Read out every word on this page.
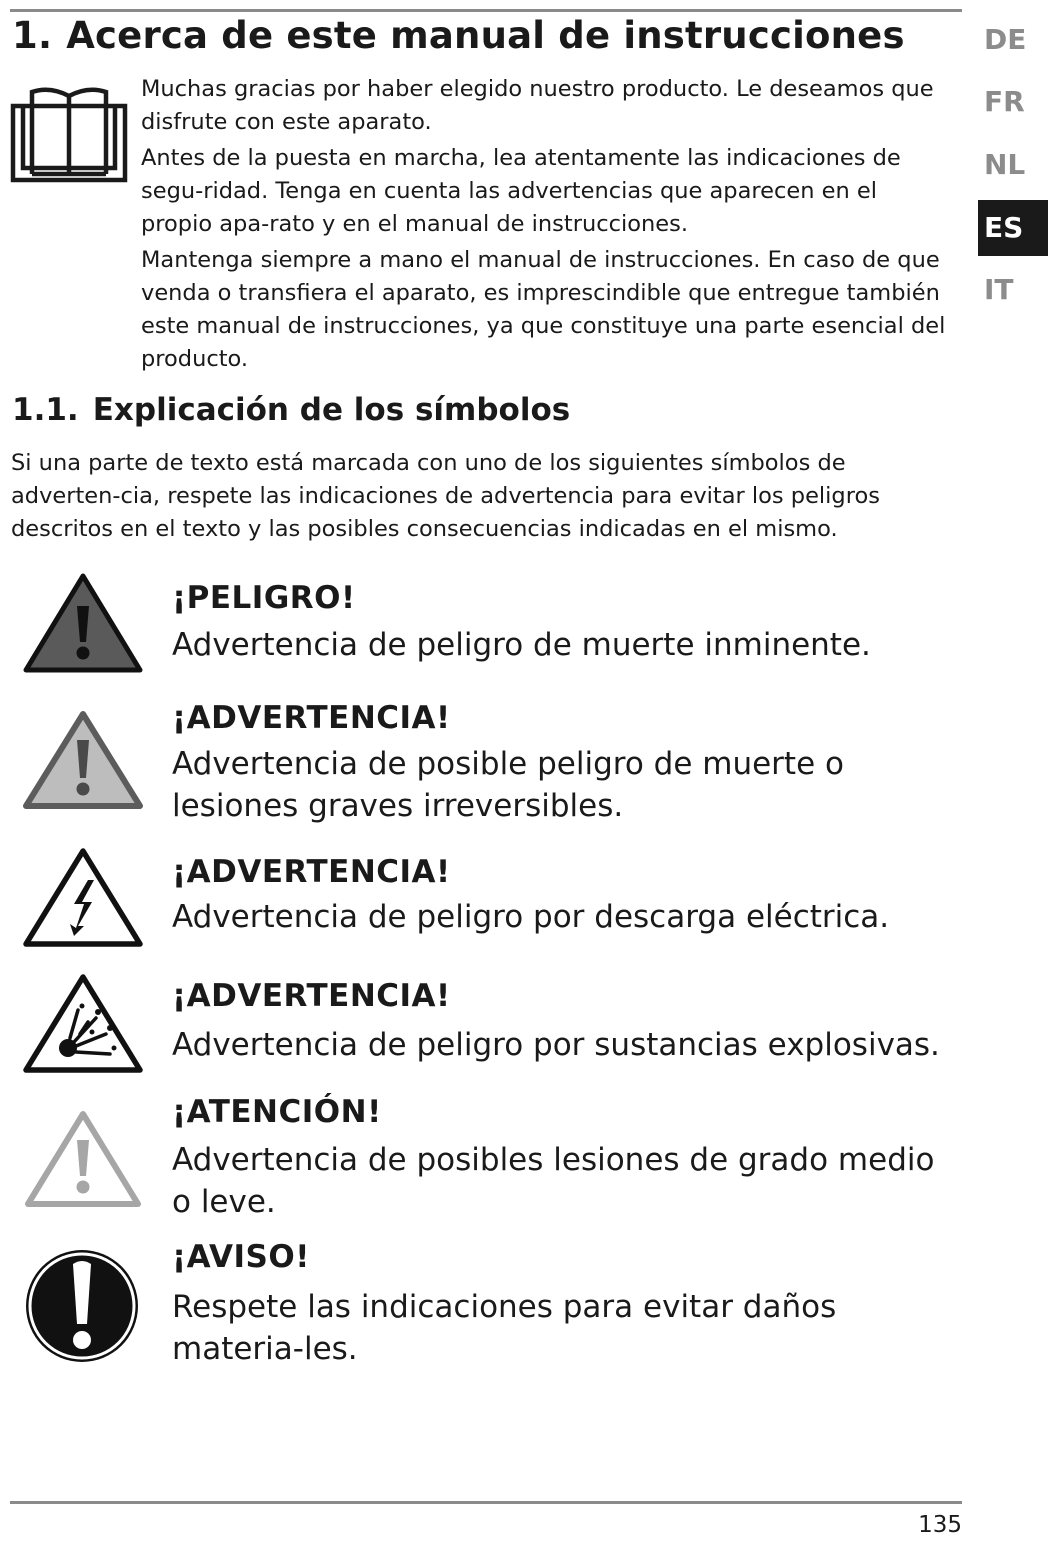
1. Acerca de este manual de instrucciones

Muchas gracias por haber elegido nuestro producto. Le deseamos que disfrute con este aparato.

Antes de la puesta en marcha, lea atentamente las indicaciones de segu-ridad. Tenga en cuenta las advertencias que aparecen en el propio apa-rato y en el manual de instrucciones.

Mantenga siempre a mano el manual de instrucciones. En caso de que venda o transfiera el aparato, es imprescindible que entregue también este manual de instrucciones, ya que constituye una parte esencial del producto.

1.1. Explicación de los símbolos

Si una parte de texto está marcada con uno de los siguientes símbolos de adverten-cia, respete las indicaciones de advertencia para evitar los peligros descritos en el texto y las posibles consecuencias indicadas en el mismo.

¡PELIGRO!

Advertencia de peligro de muerte inminente.

¡ADVERTENCIA!

Advertencia de posible peligro de muerte o lesiones graves irreversibles.

¡ADVERTENCIA!

Advertencia de peligro por descarga eléctrica.

¡ADVERTENCIA!

Advertencia de peligro por sustancias explosivas.

¡ATENCIÓN!

Advertencia de posibles lesiones de grado medio o leve.

¡AVISO!

Respete las indicaciones para evitar daños materia-les.

DE
FR
NL
ES
IT
135
